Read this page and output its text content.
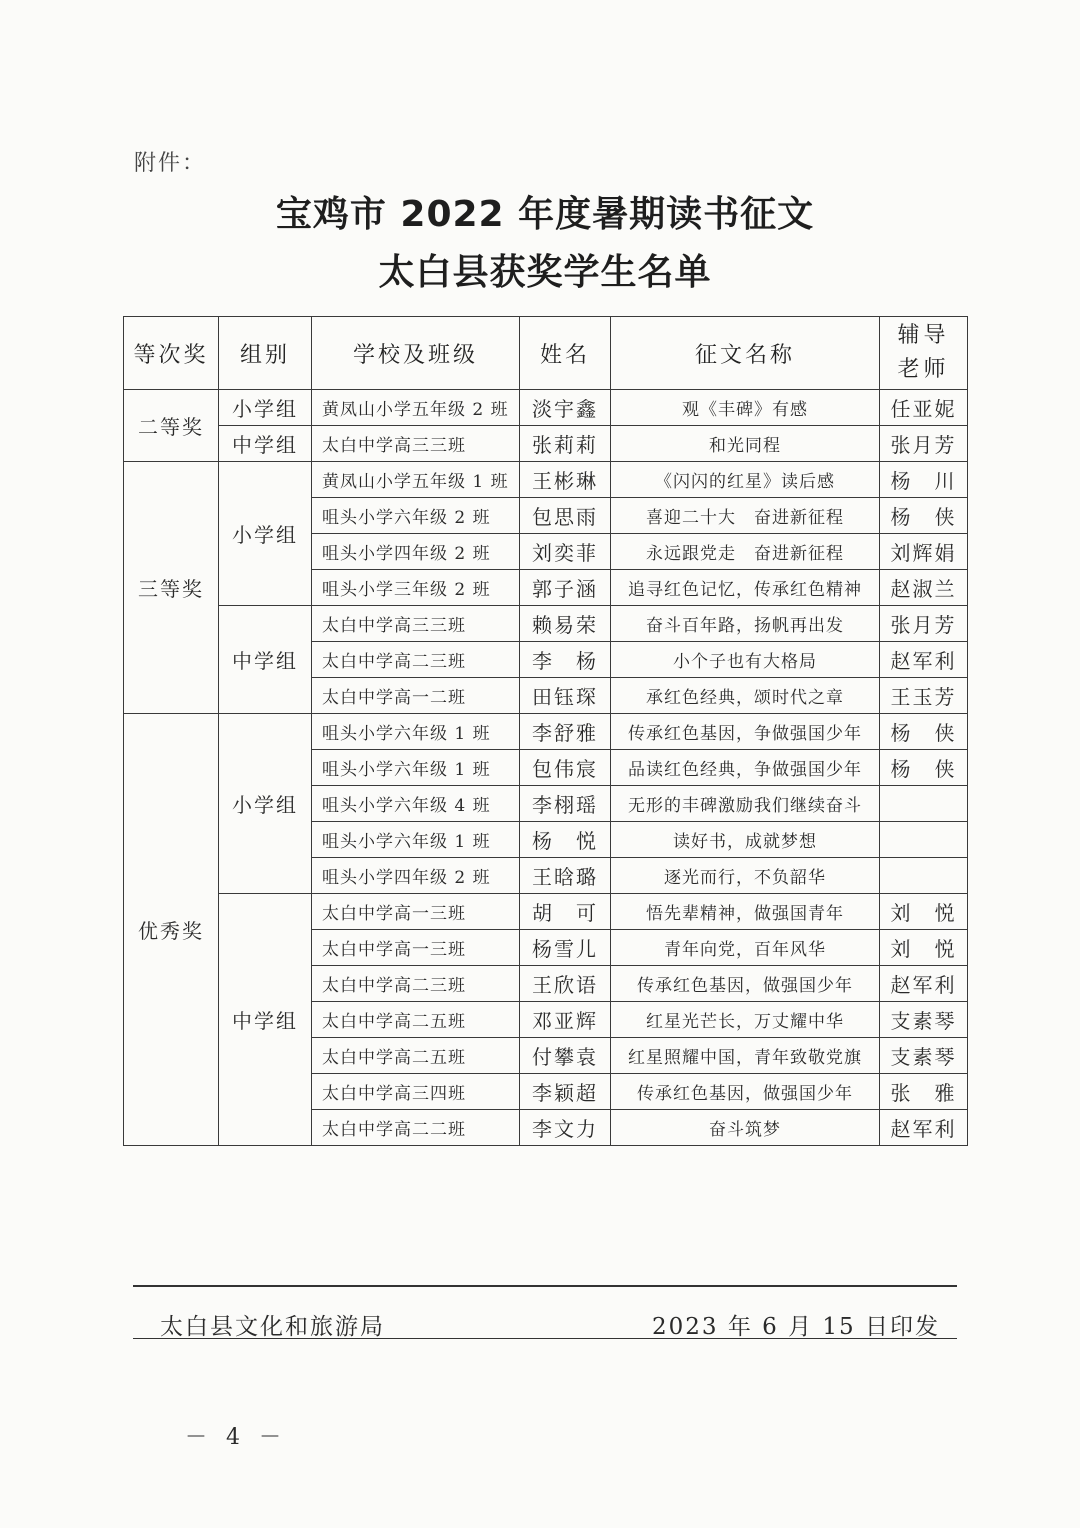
附件：
宝鸡市 2022 年度暑期读书征文
太白县获奖学生名单
等次奖	组别	学校及班级	姓名	征文名称	辅导
老师
二等奖	小学组	黄凤山小学五年级 2 班	淡宇鑫	观《丰碑》有感	任亚妮
	中学组	太白中学高三三班	张莉莉	和光同程	张月芳
三等奖	小学组	黄凤山小学五年级 1 班	王彬琳	《闪闪的红星》读后感	杨　川
		咀头小学六年级 2 班	包思雨	喜迎二十大　奋进新征程	杨　侠
		咀头小学四年级 2 班	刘奕菲	永远跟党走　奋进新征程	刘辉娟
		咀头小学三年级 2 班	郭子涵	追寻红色记忆，传承红色精神	赵淑兰
	中学组	太白中学高三三班	赖易荣	奋斗百年路，扬帆再出发	张月芳
		太白中学高二三班	李　杨	小个子也有大格局	赵军利
		太白中学高一二班	田钰琛	承红色经典，颂时代之章	王玉芳
优秀奖	小学组	咀头小学六年级 1 班	李舒雅	传承红色基因，争做强国少年	杨　侠
		咀头小学六年级 1 班	包伟宸	品读红色经典，争做强国少年	杨　侠
		咀头小学六年级 4 班	李栩瑶	无形的丰碑激励我们继续奋斗	
		咀头小学六年级 1 班	杨　悦	读好书，成就梦想	
		咀头小学四年级 2 班	王晗璐	逐光而行，不负韶华	
	中学组	太白中学高一三班	胡　可	悟先辈精神，做强国青年	刘　悦
		太白中学高一三班	杨雪儿	青年向党，百年风华	刘　悦
		太白中学高二三班	王欣语	传承红色基因，做强国少年	赵军利
		太白中学高二五班	邓亚辉	红星光芒长，万丈耀中华	支素琴
		太白中学高二五班	付攀袁	红星照耀中国，青年致敬党旗	支素琴
		太白中学高三四班	李颖超	传承红色基因，做强国少年	张　雅
		太白中学高二二班	李文力	奋斗筑梦	赵军利
太白县文化和旅游局	2023 年 6 月 15 日印发
－ 4 －
